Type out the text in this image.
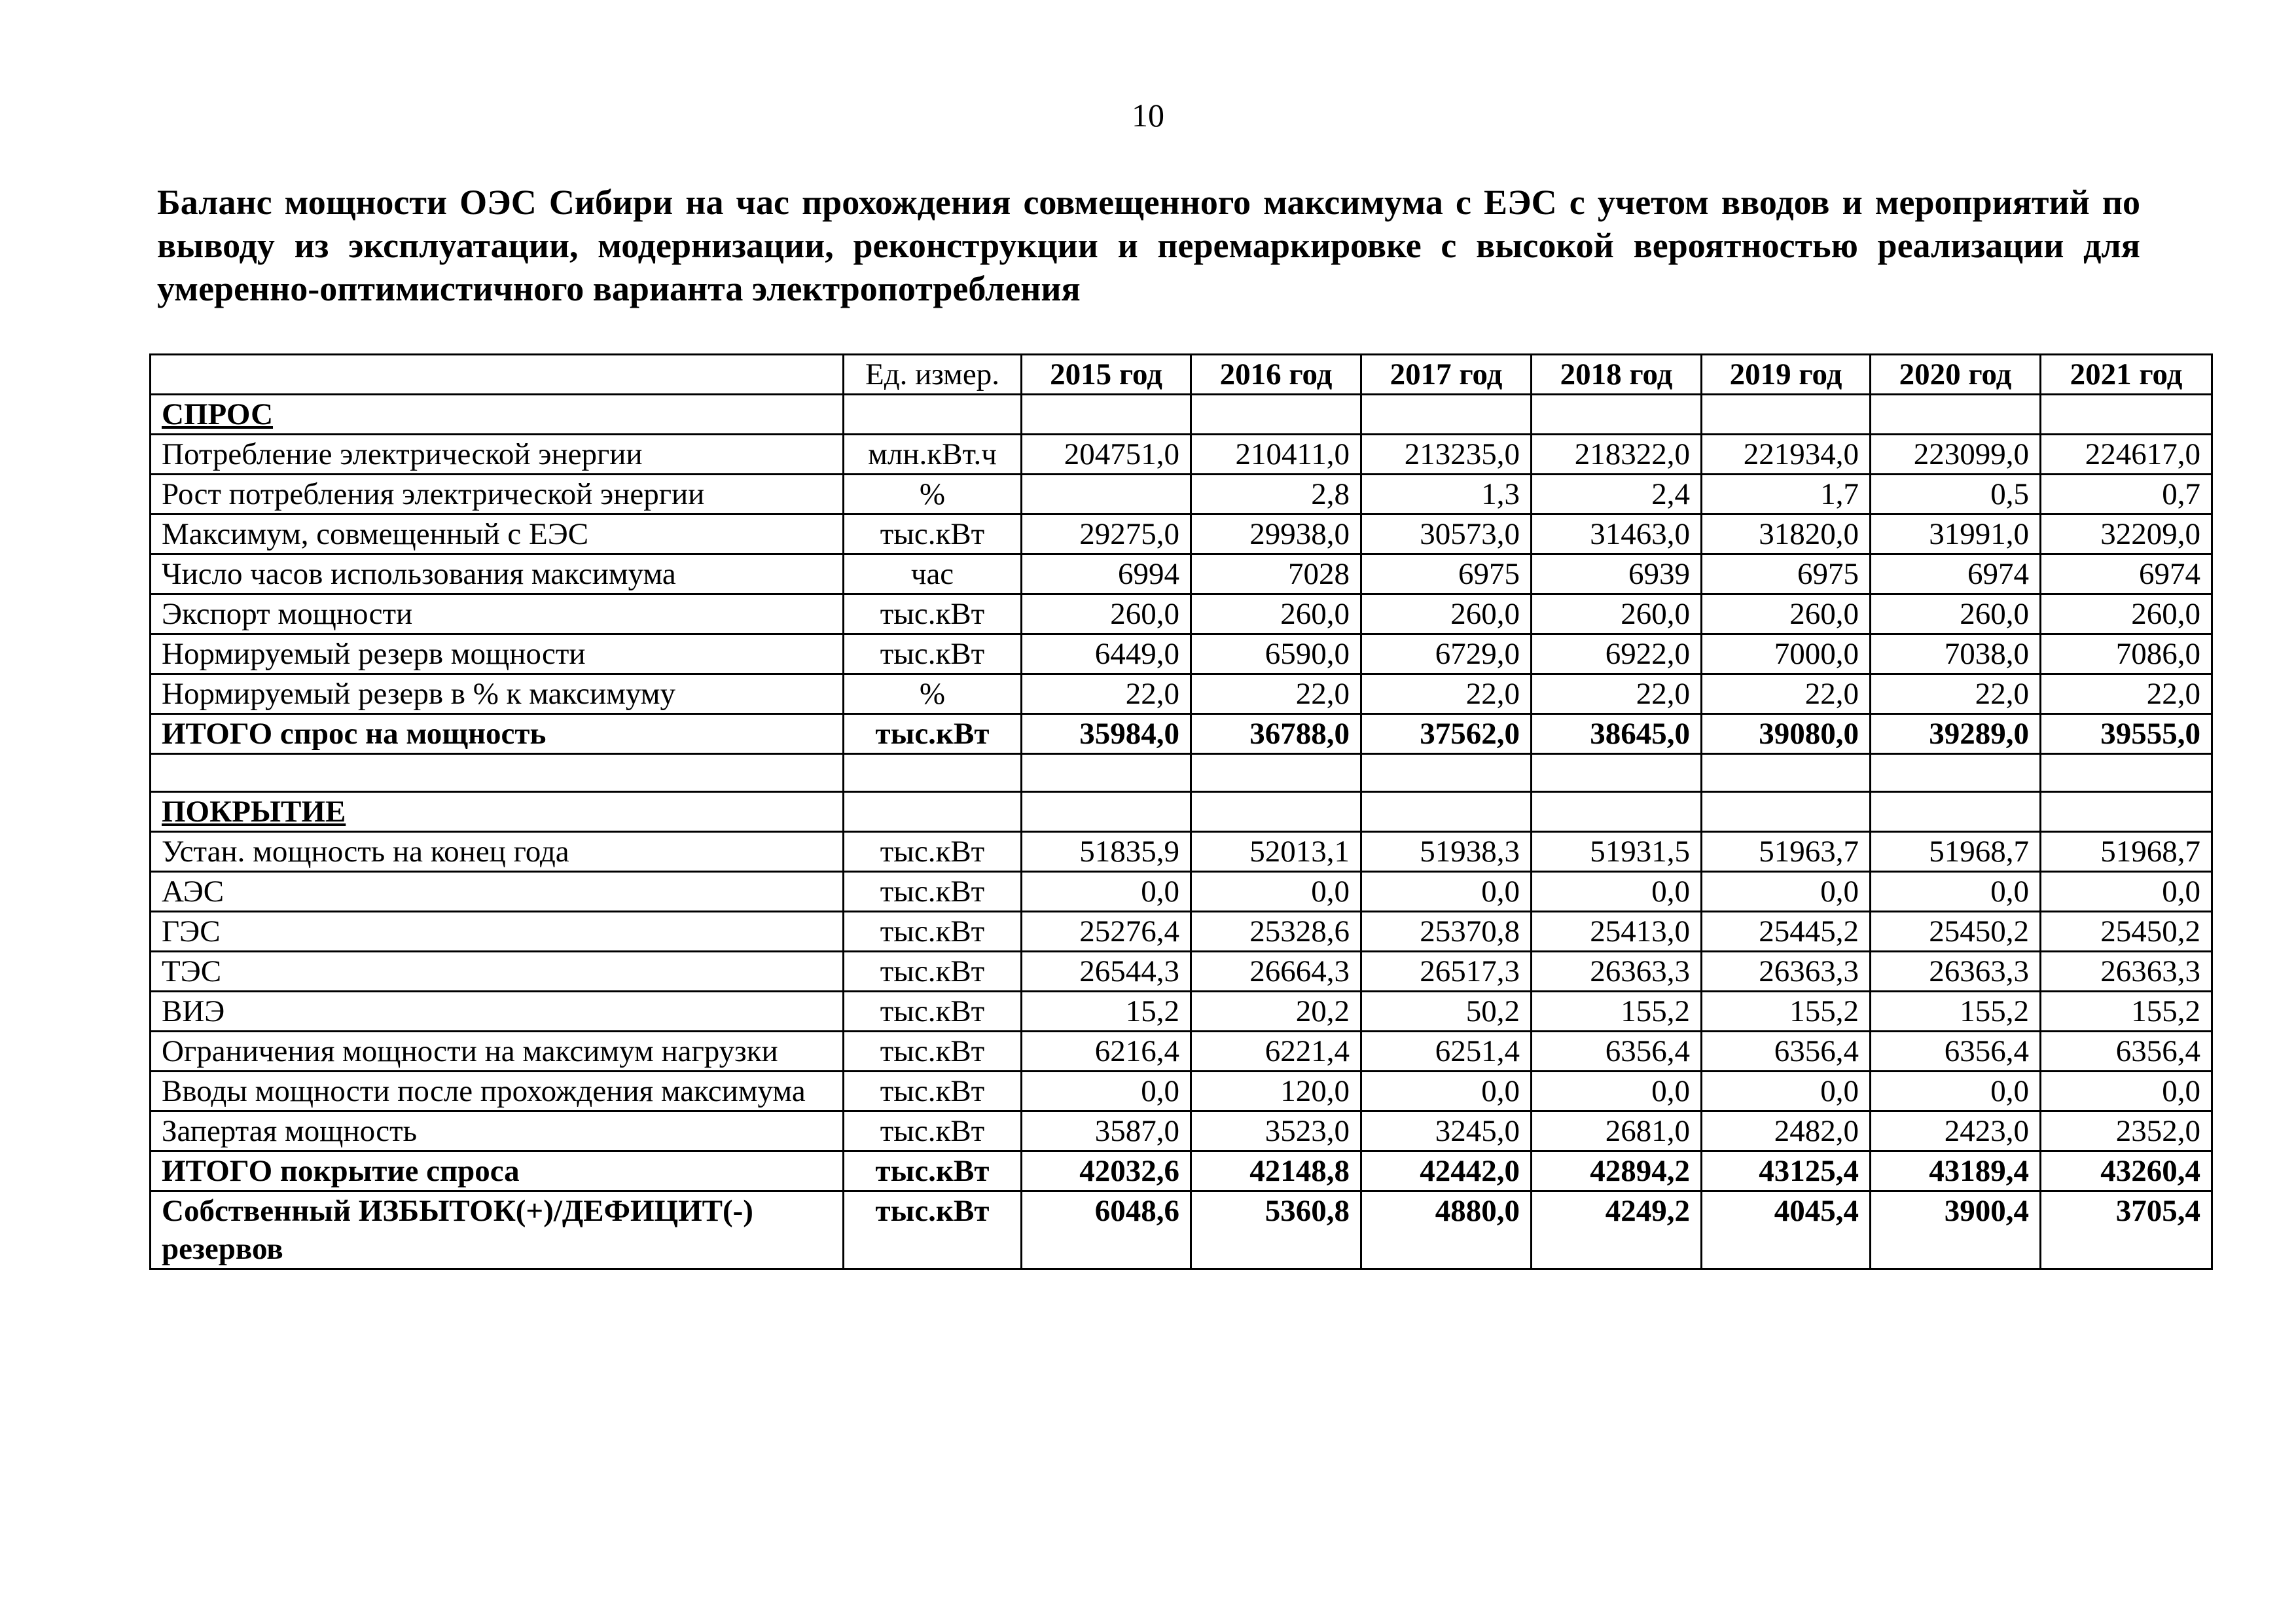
10
Баланс мощности ОЭС Сибири на час прохождения совмещенного максимума с ЕЭС с учетом вводов и мероприятий по выводу из эксплуатации, модернизации, реконструкции и перемаркировке с высокой вероятностью реализации для умеренно-оптимистичного варианта электропотребления
	Ед. измер.	2015 год	2016 год	2017 год	2018 год	2019 год	2020 год	2021 год
СПРОС								
Потребление электрической энергии	млн.кВт.ч	204751,0	210411,0	213235,0	218322,0	221934,0	223099,0	224617,0
Рост потребления электрической энергии	%		2,8	1,3	2,4	1,7	0,5	0,7
Максимум, совмещенный с ЕЭС	тыс.кВт	29275,0	29938,0	30573,0	31463,0	31820,0	31991,0	32209,0
Число часов использования максимума	час	6994	7028	6975	6939	6975	6974	6974
Экспорт мощности	тыс.кВт	260,0	260,0	260,0	260,0	260,0	260,0	260,0
Нормируемый резерв мощности	тыс.кВт	6449,0	6590,0	6729,0	6922,0	7000,0	7038,0	7086,0
Нормируемый резерв в % к максимуму	%	22,0	22,0	22,0	22,0	22,0	22,0	22,0
ИТОГО спрос на мощность	тыс.кВт	35984,0	36788,0	37562,0	38645,0	39080,0	39289,0	39555,0

ПОКРЫТИЕ								
Устан. мощность на конец года	тыс.кВт	51835,9	52013,1	51938,3	51931,5	51963,7	51968,7	51968,7
АЭС	тыс.кВт	0,0	0,0	0,0	0,0	0,0	0,0	0,0
ГЭС	тыс.кВт	25276,4	25328,6	25370,8	25413,0	25445,2	25450,2	25450,2
ТЭС	тыс.кВт	26544,3	26664,3	26517,3	26363,3	26363,3	26363,3	26363,3
ВИЭ	тыс.кВт	15,2	20,2	50,2	155,2	155,2	155,2	155,2
Ограничения мощности на максимум нагрузки	тыс.кВт	6216,4	6221,4	6251,4	6356,4	6356,4	6356,4	6356,4
Вводы мощности после прохождения максимума	тыс.кВт	0,0	120,0	0,0	0,0	0,0	0,0	0,0
Запертая мощность	тыс.кВт	3587,0	3523,0	3245,0	2681,0	2482,0	2423,0	2352,0
ИТОГО покрытие спроса	тыс.кВт	42032,6	42148,8	42442,0	42894,2	43125,4	43189,4	43260,4
Собственный ИЗБЫТОК(+)/ДЕФИЦИТ(-) резервов	тыс.кВт	6048,6	5360,8	4880,0	4249,2	4045,4	3900,4	3705,4
